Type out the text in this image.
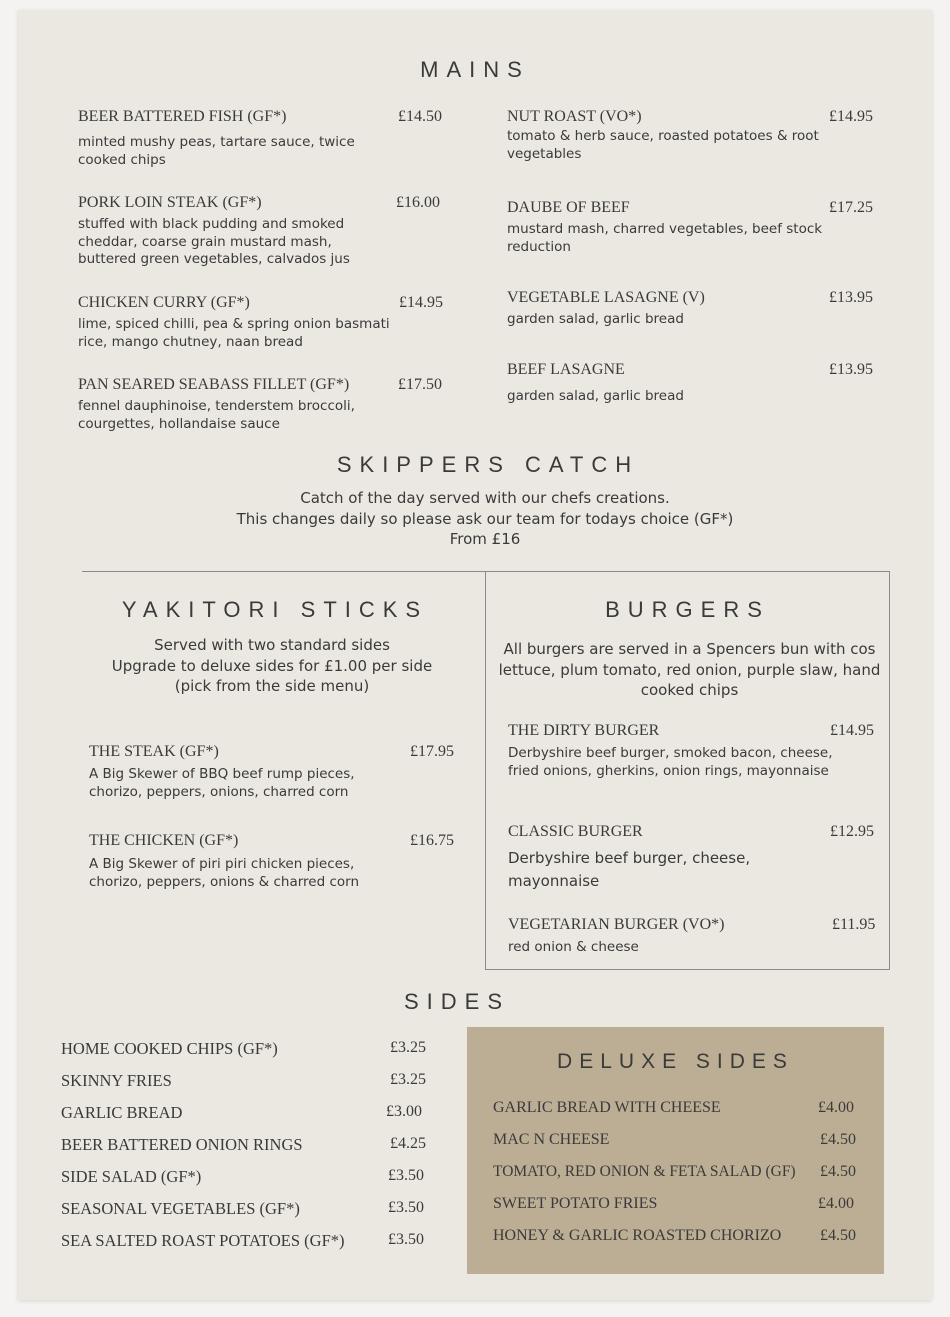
MAINS
BEER BATTERED FISH (GF*)	£14.50
minted mushy peas, tartare sauce, twice cooked chips
PORK LOIN STEAK (GF*)	£16.00
stuffed with black pudding and smoked cheddar, coarse grain mustard mash, buttered green vegetables, calvados jus
CHICKEN CURRY (GF*)	£14.95
lime, spiced chilli, pea & spring onion basmati rice, mango chutney, naan bread
PAN SEARED SEABASS FILLET (GF*)	£17.50
fennel dauphinoise, tenderstem broccoli, courgettes, hollandaise sauce
NUT ROAST (VO*)	£14.95
tomato & herb sauce, roasted potatoes & root vegetables
DAUBE OF BEEF	£17.25
mustard mash, charred vegetables, beef stock reduction
VEGETABLE LASAGNE (V)	£13.95
garden salad, garlic bread
BEEF LASAGNE	£13.95
garden salad, garlic bread
SKIPPERS CATCH
Catch of the day served with our chefs creations.
This changes daily so please ask our team for todays choice (GF*)
From £16
YAKITORI STICKS
Served with two standard sides
Upgrade to deluxe sides for £1.00 per side
(pick from the side menu)
THE STEAK (GF*)	£17.95
A Big Skewer of BBQ beef rump pieces, chorizo, peppers, onions, charred corn
THE CHICKEN (GF*)	£16.75
A Big Skewer of piri piri chicken pieces, chorizo, peppers, onions & charred corn
BURGERS
All burgers are served in a Spencers bun with cos lettuce, plum tomato, red onion, purple slaw, hand cooked chips
THE DIRTY BURGER	£14.95
Derbyshire beef burger, smoked bacon, cheese, fried onions, gherkins, onion rings, mayonnaise
CLASSIC BURGER	£12.95
Derbyshire beef burger, cheese, mayonnaise
VEGETARIAN BURGER (VO*)	£11.95
red onion & cheese
SIDES
HOME COOKED CHIPS (GF*)	£3.25
SKINNY FRIES	£3.25
GARLIC BREAD	£3.00
BEER BATTERED ONION RINGS	£4.25
SIDE SALAD (GF*)	£3.50
SEASONAL VEGETABLES (GF*)	£3.50
SEA SALTED ROAST POTATOES (GF*)	£3.50
DELUXE SIDES
GARLIC BREAD WITH CHEESE	£4.00
MAC N CHEESE	£4.50
TOMATO, RED ONION & FETA SALAD (GF) £4.50
SWEET POTATO FRIES	£4.00
HONEY & GARLIC ROASTED CHORIZO £4.50
